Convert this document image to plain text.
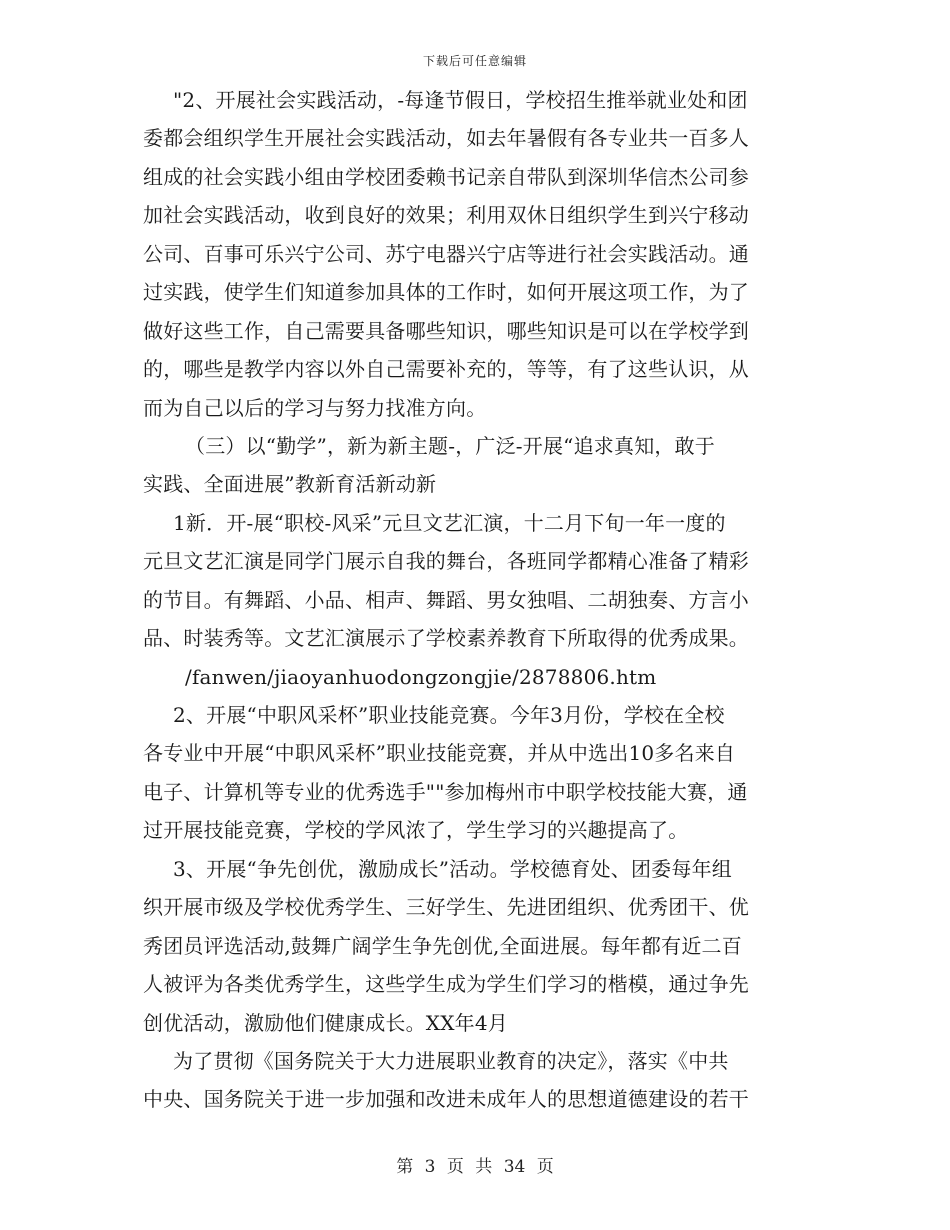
下载后可任意编辑
"2、开展社会实践活动，-每逢节假日，学校招生推举就业处和团
委都会组织学生开展社会实践活动，如去年暑假有各专业共一百多人
组成的社会实践小组由学校团委赖书记亲自带队到深圳华信杰公司参
加社会实践活动，收到良好的效果；利用双休日组织学生到兴宁移动
公司、百事可乐兴宁公司、苏宁电器兴宁店等进行社会实践活动。通
过实践，使学生们知道参加具体的工作时，如何开展这项工作，为了
做好这些工作，自己需要具备哪些知识，哪些知识是可以在学校学到
的，哪些是教学内容以外自己需要补充的，等等，有了这些认识，从
而为自己以后的学习与努力找准方向。
（三）以“勤学”，新为新主题-，广泛-开展“追求真知，敢于
实践、全面进展”教新育活新动新
1新．开-展“职校-风采”元旦文艺汇演，十二月下旬一年一度的
元旦文艺汇演是同学门展示自我的舞台，各班同学都精心准备了精彩
的节目。有舞蹈、小品、相声、舞蹈、男女独唱、二胡独奏、方言小
品、时装秀等。文艺汇演展示了学校素养教育下所取得的优秀成果。
/fanwen/jiaoyanhuodongzongjie/2878806.htm
2、开展“中职风采杯”职业技能竞赛。今年3月份，学校在全校
各专业中开展“中职风采杯”职业技能竞赛，并从中选出10多名来自
电子、计算机等专业的优秀选手""参加梅州市中职学校技能大赛，通
过开展技能竞赛，学校的学风浓了，学生学习的兴趣提高了。
3、开展“争先创优，激励成长”活动。学校德育处、团委每年组
织开展市级及学校优秀学生、三好学生、先进团组织、优秀团干、优
秀团员评选活动,鼓舞广阔学生争先创优,全面进展。每年都有近二百
人被评为各类优秀学生，这些学生成为学生们学习的楷模，通过争先
创优活动，激励他们健康成长。XX年4月
为了贯彻《国务院关于大力进展职业教育的决定》，落实《中共
中央、国务院关于进一步加强和改进未成年人的思想道德建设的若干
第 3 页 共 34 页
